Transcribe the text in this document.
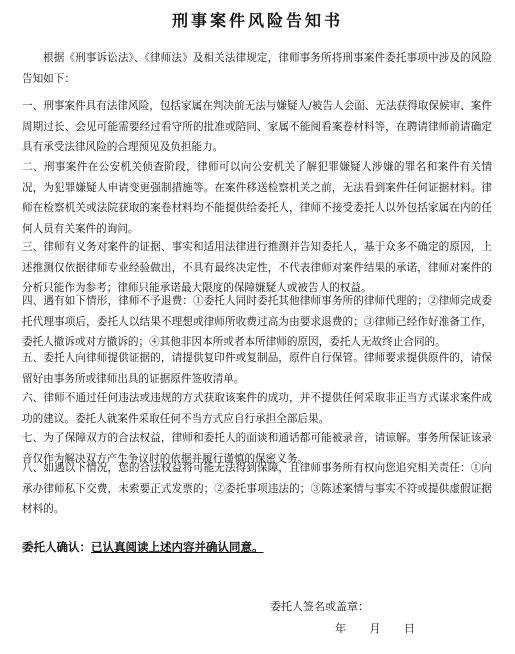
刑事案件风险告知书

根据《刑事诉讼法》、《律师法》及相关法律规定，律师事务所将刑事案件委托事项中涉及的风险告知如下：

一、刑事案件具有法律风险，包括家属在判决前无法与嫌疑人/被告人会面、无法获得取保候审、案件周期过长、会见可能需要经过看守所的批准或陪同、家属不能阅看案卷材料等，在聘请律师前请确定具有承受法律风险的合理预见及负担能力。

二、刑事案件在公安机关侦查阶段，律师可以向公安机关了解犯罪嫌疑人涉嫌的罪名和案件有关情况，为犯罪嫌疑人申请变更强制措施等。在案件移送检察机关之前，无法看到案件任何证据材料。律师在检察机关或法院获取的案卷材料均不能提供给委托人，律师不接受委托人以外包括家属在内的任何人员有关案件的询问。

三、律师有义务对案件的证据、事实和适用法律进行推测并告知委托人，基于众多不确定的原因，上述推测仅依据律师专业经验做出，不具有最终决定性，不代表律师对案件结果的承诺，律师对案件的分析只能作为参考；律师只能承诺最大限度的保障嫌疑人或被告人的权益。

四、遇有如下情形，律师不予退费：①委托人同时委托其他律师事务所的律师代理的；②律师完成委托代理事项后，委托人以结果不理想或律师所收费过高为由要求退费的；③律师已经作好准备工作，委托人撤诉或对方撤诉的；④其他非因本所或者本所律师的原因，委托人无故终止合同的。

五、委托人向律师提供证据的，请提供复印件或复制品，原件自行保管。律师要求提供原件的，请保留好由事务所或律师出具的证据原件签收清单。

六、律师不通过任何违法或违规的方式获取该案件的成功，并不提供任何采取非正当方式谋求案件成功的建议。委托人就案件采取任何不当方式应自行承担全部后果。

七、为了保障双方的合法权益，律师和委托人的面谈和通话都可能被录音，请谅解。事务所保证该录音仅作为解决双方产生争议时的依据并履行谨慎的保密义务。

八、如遇以下情况，您的合法权益将可能无法得到保障，且律师事务所有权向您追究相关责任：①向承办律师私下交费，未索要正式发票的；②委托事项违法的；③陈述案情与事实不符或提供虚假证据材料的。

委托人确认：已认真阅读上述内容并确认同意。
委托人签名或盖章：
年 月 日
